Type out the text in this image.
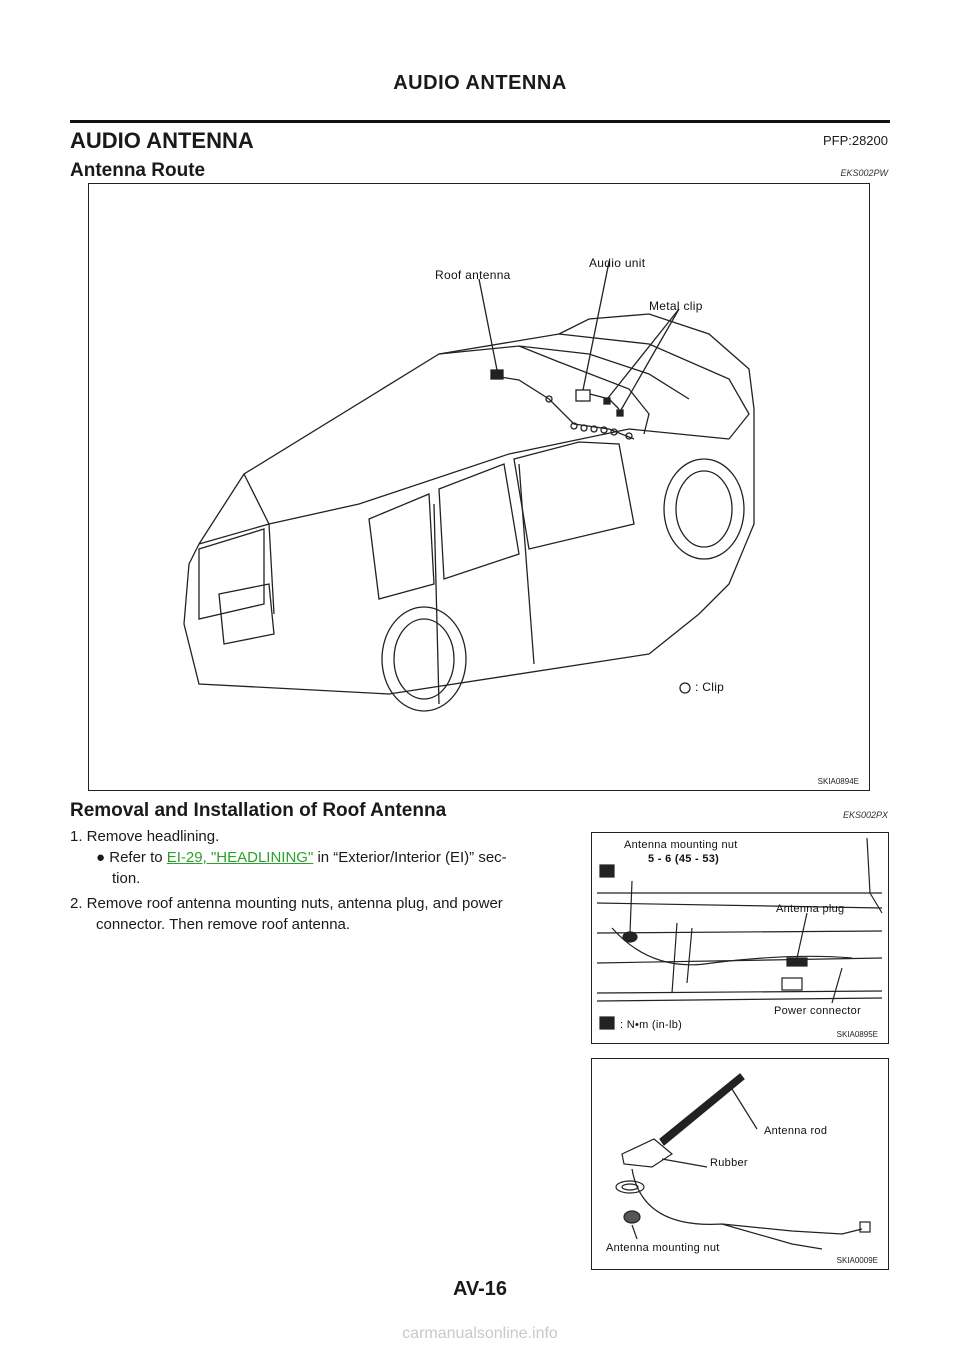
AUDIO ANTENNA
AUDIO ANTENNA	PFP:28200
Antenna Route	EKS002PW
Roof antenna
Audio unit
Metal clip
: Clip
SKIA0894E
Removal and Installation of Roof Antenna	EKS002PX

1. Remove headlining.

● Refer to EI-29, "HEADLINING" in “Exterior/Interior (EI)” sec-

tion.

2. Remove roof antenna mounting nuts, antenna plug, and power

connector. Then remove roof antenna.

Antenna mounting nut
5 - 6 (45 - 53)
Antenna plug
Power connector
: N•m (in-lb)
SKIA0895E
Antenna rod
Rubber
Antenna mounting nut
SKIA0009E
AV-16
carmanualsonline.info
